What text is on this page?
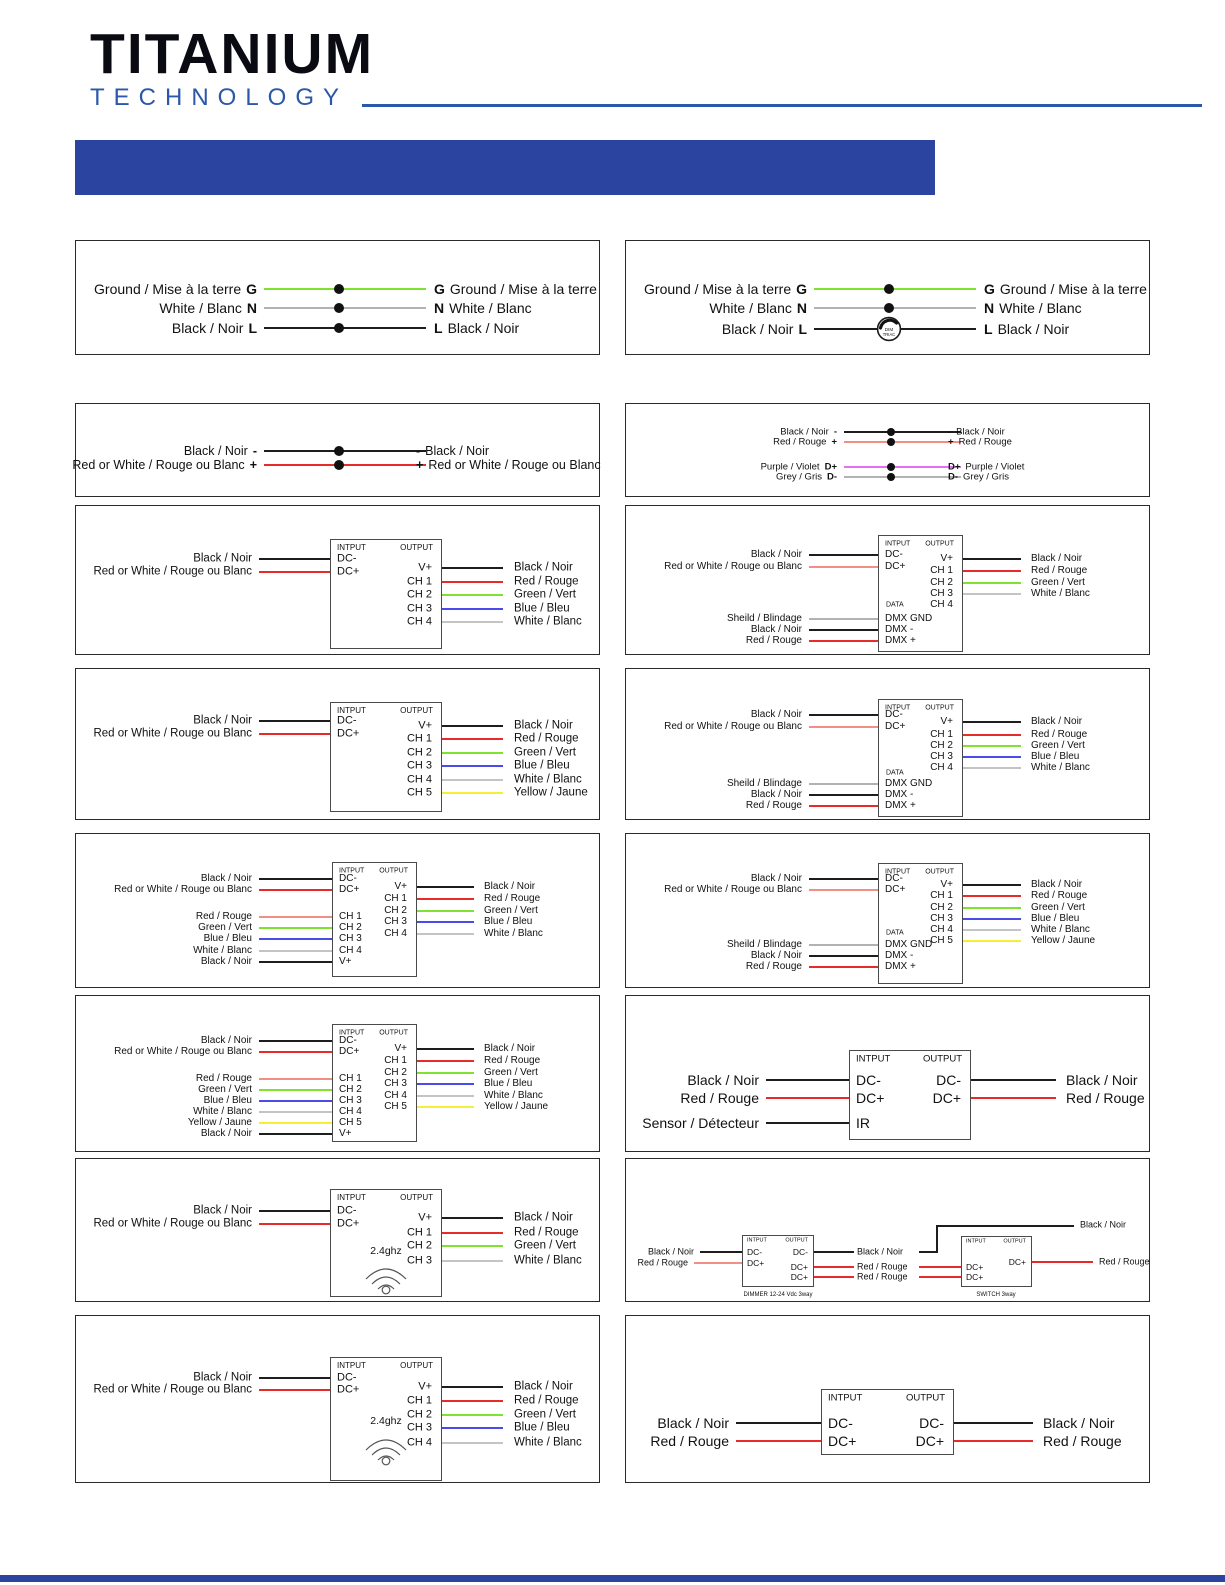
TITANIUM
TECHNOLOGY
Ground / Mise à la terre G	G Ground / Mise à la terre
White / Blanc N	N White / Blanc
Black / Noir L	L Black / Noir
Ground / Mise à la terre G	G Ground / Mise à la terre
White / Blanc N	N White / Blanc
Black / Noir L	DIM
TRIAC	L Black / Noir
Black / Noir -	- Black / Noir
Red or White / Rouge ou Blanc +	+ Red or White / Rouge ou Blanc
Black / Noir -	- Black / Noir
Red / Rouge +	+ Red / Rouge
Purple / Violet D+	D+ Purple / Violet
Grey / Gris D-	D- Grey / Gris
INTPUT	OUTPUT
DC-
Black / Noir
DC+
Red or White / Rouge ou Blanc	V+	Black / Noir
CH 1	Red / Rouge
CH 2	Green / Vert
CH 3	Blue / Bleu
CH 4	White / Blanc
INTPUT OUTPUT
DC-
Black / Noir
DC+
Red or White / Rouge ou Blanc
DATA
DMX GND
Sheild / Blindage
DMX -
Black / Noir
DMX +
Red / Rouge
V+	Black / Noir
CH 1	Red / Rouge
CH 2	Green / Vert
CH 3	White / Blanc
CH 4
INTPUT	OUTPUT
DC-
Black / Noir
DC+
Red or White / Rouge ou Blanc
V+	Black / Noir
CH 1	Red / Rouge
CH 2	Green / Vert
CH 3	Blue / Bleu
CH 4	White / Blanc
CH 5	Yellow / Jaune
INTPUT OUTPUT
DC-
Black / Noir
DC+
Red or White / Rouge ou Blanc
DATA
DMX GND
Sheild / Blindage
DMX -
Black / Noir
DMX +
Red / Rouge
V+	Black / Noir
CH 1	Red / Rouge
CH 2	Green / Vert
CH 3	Blue / Bleu
CH 4	White / Blanc
INTPUT OUTPUT
DC-
Black / Noir
DC+
Red or White / Rouge ou Blanc
CH 1
Red / Rouge
CH 2
Green / Vert
CH 3
Blue / Bleu
CH 4
White / Blanc
V+
Black / Noir
V+	Black / Noir
CH 1	Red / Rouge
CH 2	Green / Vert
CH 3	Blue / Bleu
CH 4	White / Blanc
INTPUT OUTPUT
DC-
Black / Noir
DC+
Red or White / Rouge ou Blanc
DATA
DMX GND
Sheild / Blindage
DMX -
Black / Noir
DMX +
Red / Rouge
V+	Black / Noir
CH 1	Red / Rouge
CH 2	Green / Vert
CH 3	Blue / Bleu
CH 4	White / Blanc
CH 5	Yellow / Jaune
INTPUT OUTPUT
DC-
Black / Noir
DC+
Red or White / Rouge ou Blanc
CH 1
Red / Rouge
CH 2
Green / Vert
CH 3
Blue / Bleu
CH 4
White / Blanc
CH 5
Yellow / Jaune
V+
Black / Noir
V+	Black / Noir
CH 1	Red / Rouge
CH 2	Green / Vert
CH 3	Blue / Bleu
CH 4	White / Blanc
CH 5	Yellow / Jaune
INTPUT	OUTPUT
DC-
Black / Noir
DC+
Red / Rouge
IR
Sensor / Détecteur
DC-	Black / Noir
DC+	Red / Rouge
INTPUT	OUTPUT
DC-
Black / Noir
DC+
Red or White / Rouge ou Blanc
2.4ghz
V+	Black / Noir
CH 1	Red / Rouge
CH 2	Green / Vert
CH 3	White / Blanc
INTPUT	OUTPUT
DIMMER 12-24 Vdc 3way
DC-
DC+
Black / Noir
Red / Rouge
DC-
DC+
DC+
Black / Noir
Red / Rouge
Red / Rouge
Black / Noir
INTPUT	OUTPUT
SWITCH 3way
DC+
DC+
DC+	Red / Rouge
INTPUT	OUTPUT
DC-
Black / Noir
DC+
Red or White / Rouge ou Blanc
2.4ghz
V+	Black / Noir
CH 1	Red / Rouge
CH 2	Green / Vert
CH 3	Blue / Bleu
CH 4	White / Blanc
INTPUT	OUTPUT
DC-
Black / Noir
DC+
Red / Rouge
DC-	Black / Noir
DC+	Red / Rouge
